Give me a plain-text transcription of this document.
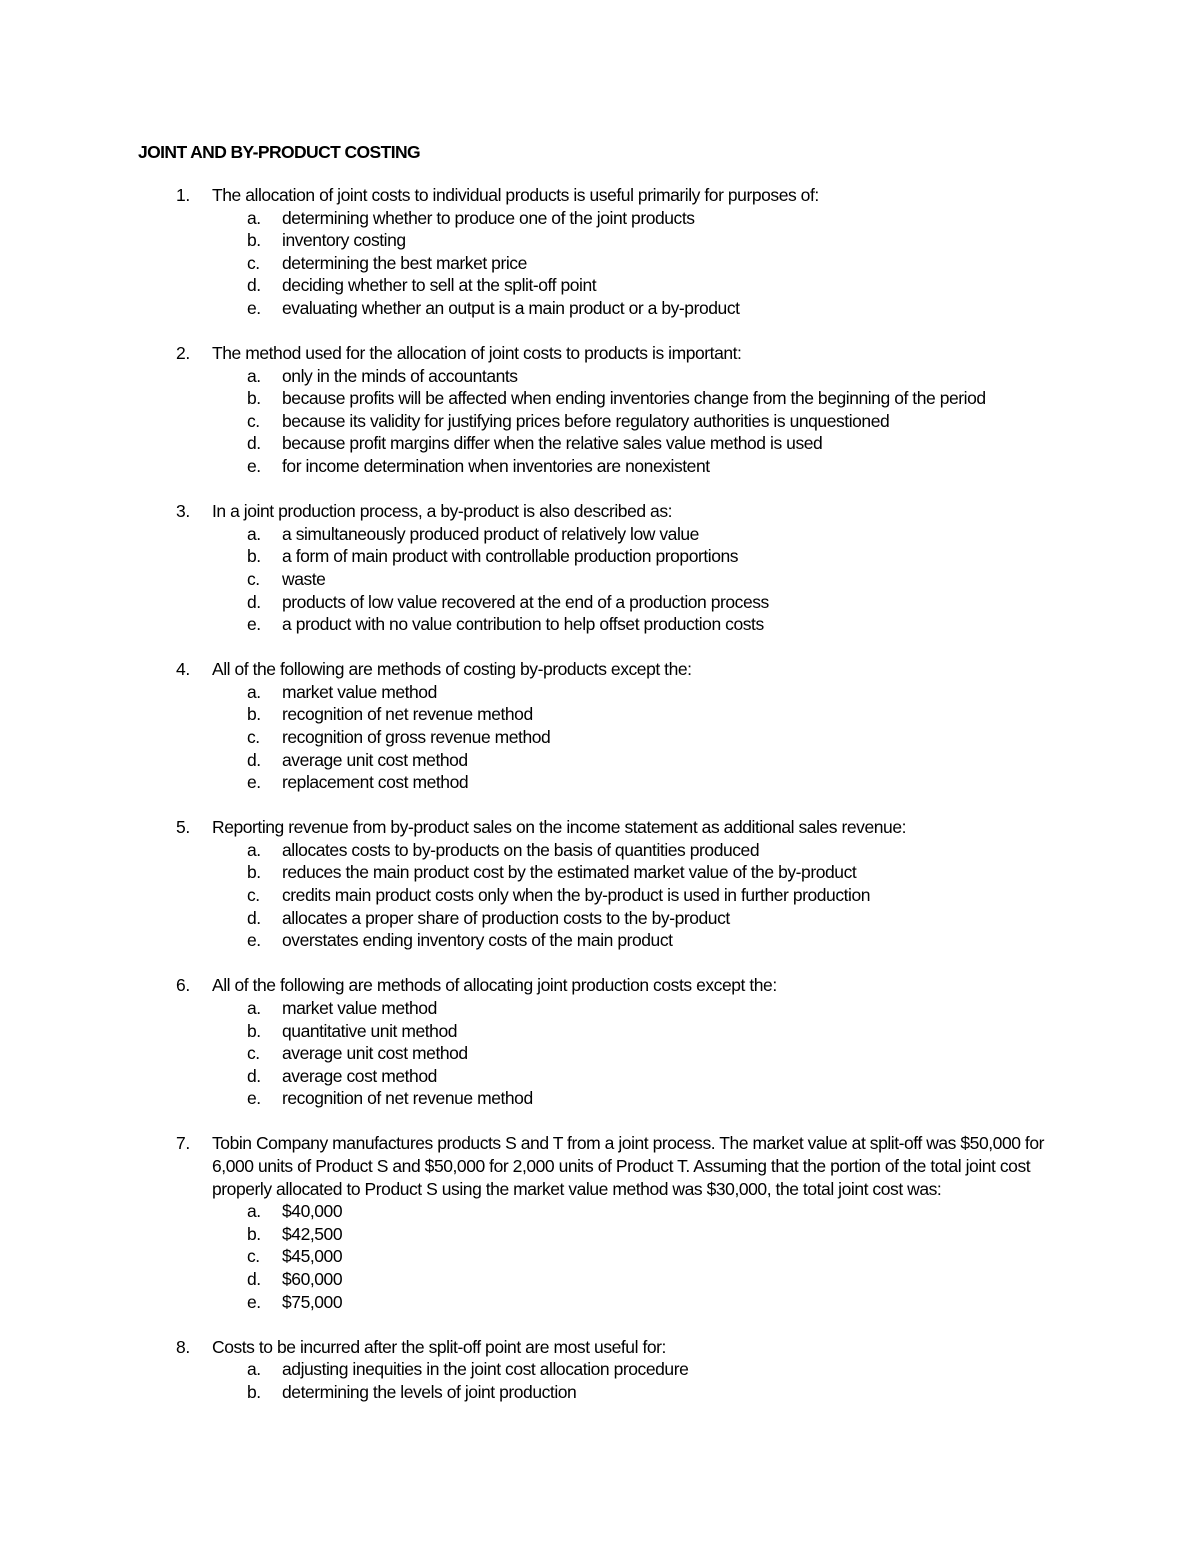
JOINT AND BY-PRODUCT COSTING
1. The allocation of joint costs to individual products is useful primarily for purposes of:
a. determining whether to produce one of the joint products
b. inventory costing
c. determining the best market price
d. deciding whether to sell at the split-off point
e. evaluating whether an output is a main product or a by-product
2. The method used for the allocation of joint costs to products is important:
a. only in the minds of accountants
b. because profits will be affected when ending inventories change from the beginning of the period
c. because its validity for justifying prices before regulatory authorities is unquestioned
d. because profit margins differ when the relative sales value method is used
e. for income determination when inventories are nonexistent
3. In a joint production process, a by-product is also described as:
a. a simultaneously produced product of relatively low value
b. a form of main product with controllable production proportions
c. waste
d. products of low value recovered at the end of a production process
e. a product with no value contribution to help offset production costs
4. All of the following are methods of costing by-products except the:
a. market value method
b. recognition of net revenue method
c. recognition of gross revenue method
d. average unit cost method
e. replacement cost method
5. Reporting revenue from by-product sales on the income statement as additional sales revenue:
a. allocates costs to by-products on the basis of quantities produced
b. reduces the main product cost by the estimated market value of the by-product
c. credits main product costs only when the by-product is used in further production
d. allocates a proper share of production costs to the by-product
e. overstates ending inventory costs of the main product
6. All of the following are methods of allocating joint production costs except the:
a. market value method
b. quantitative unit method
c. average unit cost method
d. average cost method
e. recognition of net revenue method
7. Tobin Company manufactures products S and T from a joint process. The market value at split-off was $50,000 for 6,000 units of Product S and $50,000 for 2,000 units of Product T. Assuming that the portion of the total joint cost properly allocated to Product S using the market value method was $30,000, the total joint cost was:
a. $40,000
b. $42,500
c. $45,000
d. $60,000
e. $75,000
8. Costs to be incurred after the split-off point are most useful for:
a. adjusting inequities in the joint cost allocation procedure
b. determining the levels of joint production
